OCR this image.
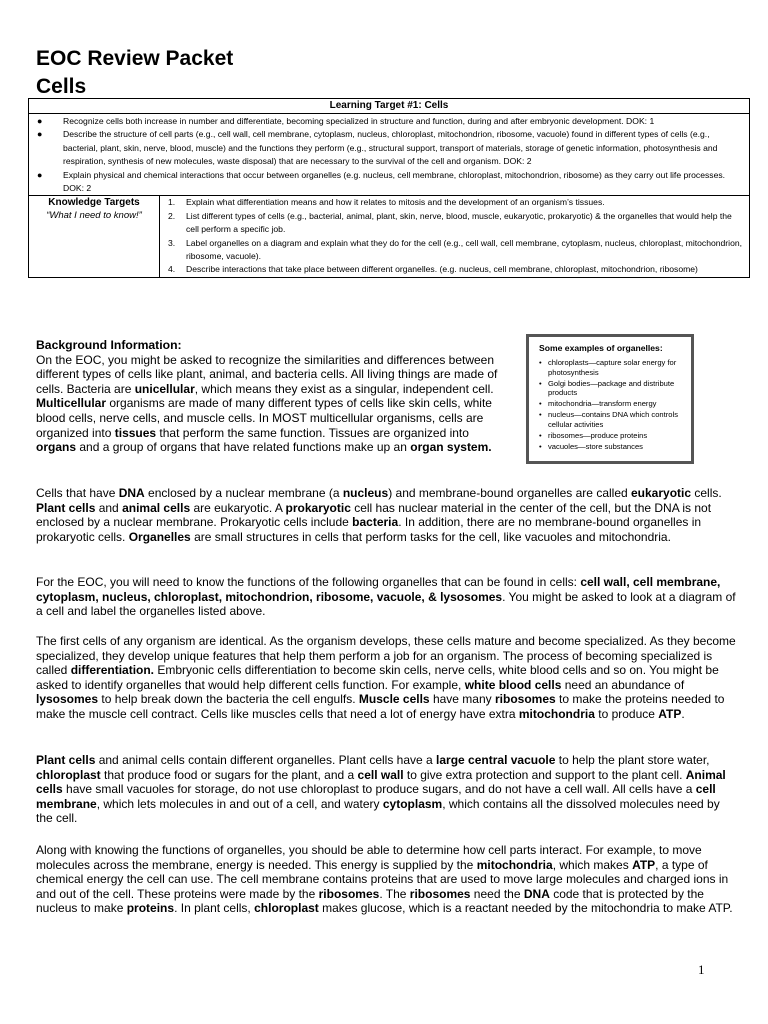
EOC Review Packet
Cells
Learning Target #1: Cells

● Recognize cells both increase in number and differentiate, becoming specialized in structure and function, during and after embryonic development. DOK: 1
● Describe the structure of cell parts (e.g., cell wall, cell membrane, cytoplasm, nucleus, chloroplast, mitochondrion, ribosome, vacuole) found in different types of cells (e.g., bacterial, plant, skin, nerve, blood, muscle) and the functions they perform (e.g., structural support, transport of materials, storage of genetic information, photosynthesis and respiration, synthesis of new molecules, waste disposal) that are necessary to the survival of the cell and organism. DOK: 2
● Explain physical and chemical interactions that occur between organelles (e.g. nucleus, cell membrane, chloroplast, mitochondrion, ribosome) as they carry out life processes. DOK: 2

Knowledge Targets
“What I need to know!”

1. Explain what differentiation means and how it relates to mitosis and the development of an organism’s tissues.
2. List different types of cells (e.g., bacterial, animal, plant, skin, nerve, blood, muscle, eukaryotic, prokaryotic) & the organelles that would help the cell perform a specific job.
3. Label organelles on a diagram and explain what they do for the cell (e.g., cell wall, cell membrane, cytoplasm, nucleus, chloroplast, mitochondrion, ribosome, vacuole).
4. Describe interactions that take place between different organelles. (e.g. nucleus, cell membrane, chloroplast, mitochondrion, ribosome)
Background Information:
On the EOC, you might be asked to recognize the similarities and differences between different types of cells like plant, animal, and bacteria cells. All living things are made of cells. Bacteria are unicellular, which means they exist as a singular, independent cell. Multicellular organisms are made of many different types of cells like skin cells, white blood cells, nerve cells, and muscle cells. In MOST multicellular organisms, cells are organized into tissues that perform the same function. Tissues are organized into organs and a group of organs that have related functions make up an organ system.
Some examples of organelles:
• chloroplasts—capture solar energy for photosynthesis
• Golgi bodies—package and distribute products
• mitochondria—transform energy
• nucleus—contains DNA which controls cellular activities
• ribosomes—produce proteins
• vacuoles—store substances

Cells that have DNA enclosed by a nuclear membrane (a nucleus) and membrane-bound organelles are called eukaryotic cells. Plant cells and animal cells are eukaryotic. A prokaryotic cell has nuclear material in the center of the cell, but the DNA is not enclosed by a nuclear membrane. Prokaryotic cells include bacteria. In addition, there are no membrane-bound organelles in prokaryotic cells. Organelles are small structures in cells that perform tasks for the cell, like vacuoles and mitochondria.

For the EOC, you will need to know the functions of the following organelles that can be found in cells: cell wall, cell membrane, cytoplasm, nucleus, chloroplast, mitochondrion, ribosome, vacuole, & lysosomes. You might be asked to look at a diagram of a cell and label the organelles listed above.

The first cells of any organism are identical. As the organism develops, these cells mature and become specialized. As they become specialized, they develop unique features that help them perform a job for an organism. The process of becoming specialized is called differentiation. Embryonic cells differentiation to become skin cells, nerve cells, white blood cells and so on. You might be asked to identify organelles that would help different cells function. For example, white blood cells need an abundance of lysosomes to help break down the bacteria the cell engulfs. Muscle cells have many ribosomes to make the proteins needed to make the muscle cell contract. Cells like muscles cells that need a lot of energy have extra mitochondria to produce ATP.

Plant cells and animal cells contain different organelles. Plant cells have a large central vacuole to help the plant store water, chloroplast that produce food or sugars for the plant, and a cell wall to give extra protection and support to the plant cell. Animal cells have small vacuoles for storage, do not use chloroplast to produce sugars, and do not have a cell wall. All cells have a cell membrane, which lets molecules in and out of a cell, and watery cytoplasm, which contains all the dissolved molecules need by the cell.

Along with knowing the functions of organelles, you should be able to determine how cell parts interact. For example, to move molecules across the membrane, energy is needed. This energy is supplied by the mitochondria, which makes ATP, a type of chemical energy the cell can use. The cell membrane contains proteins that are used to move large molecules and charged ions in and out of the cell. These proteins were made by the ribosomes. The ribosomes need the DNA code that is protected by the nucleus to make proteins. In plant cells, chloroplast makes glucose, which is a reactant needed by the mitochondria to make ATP.

1
